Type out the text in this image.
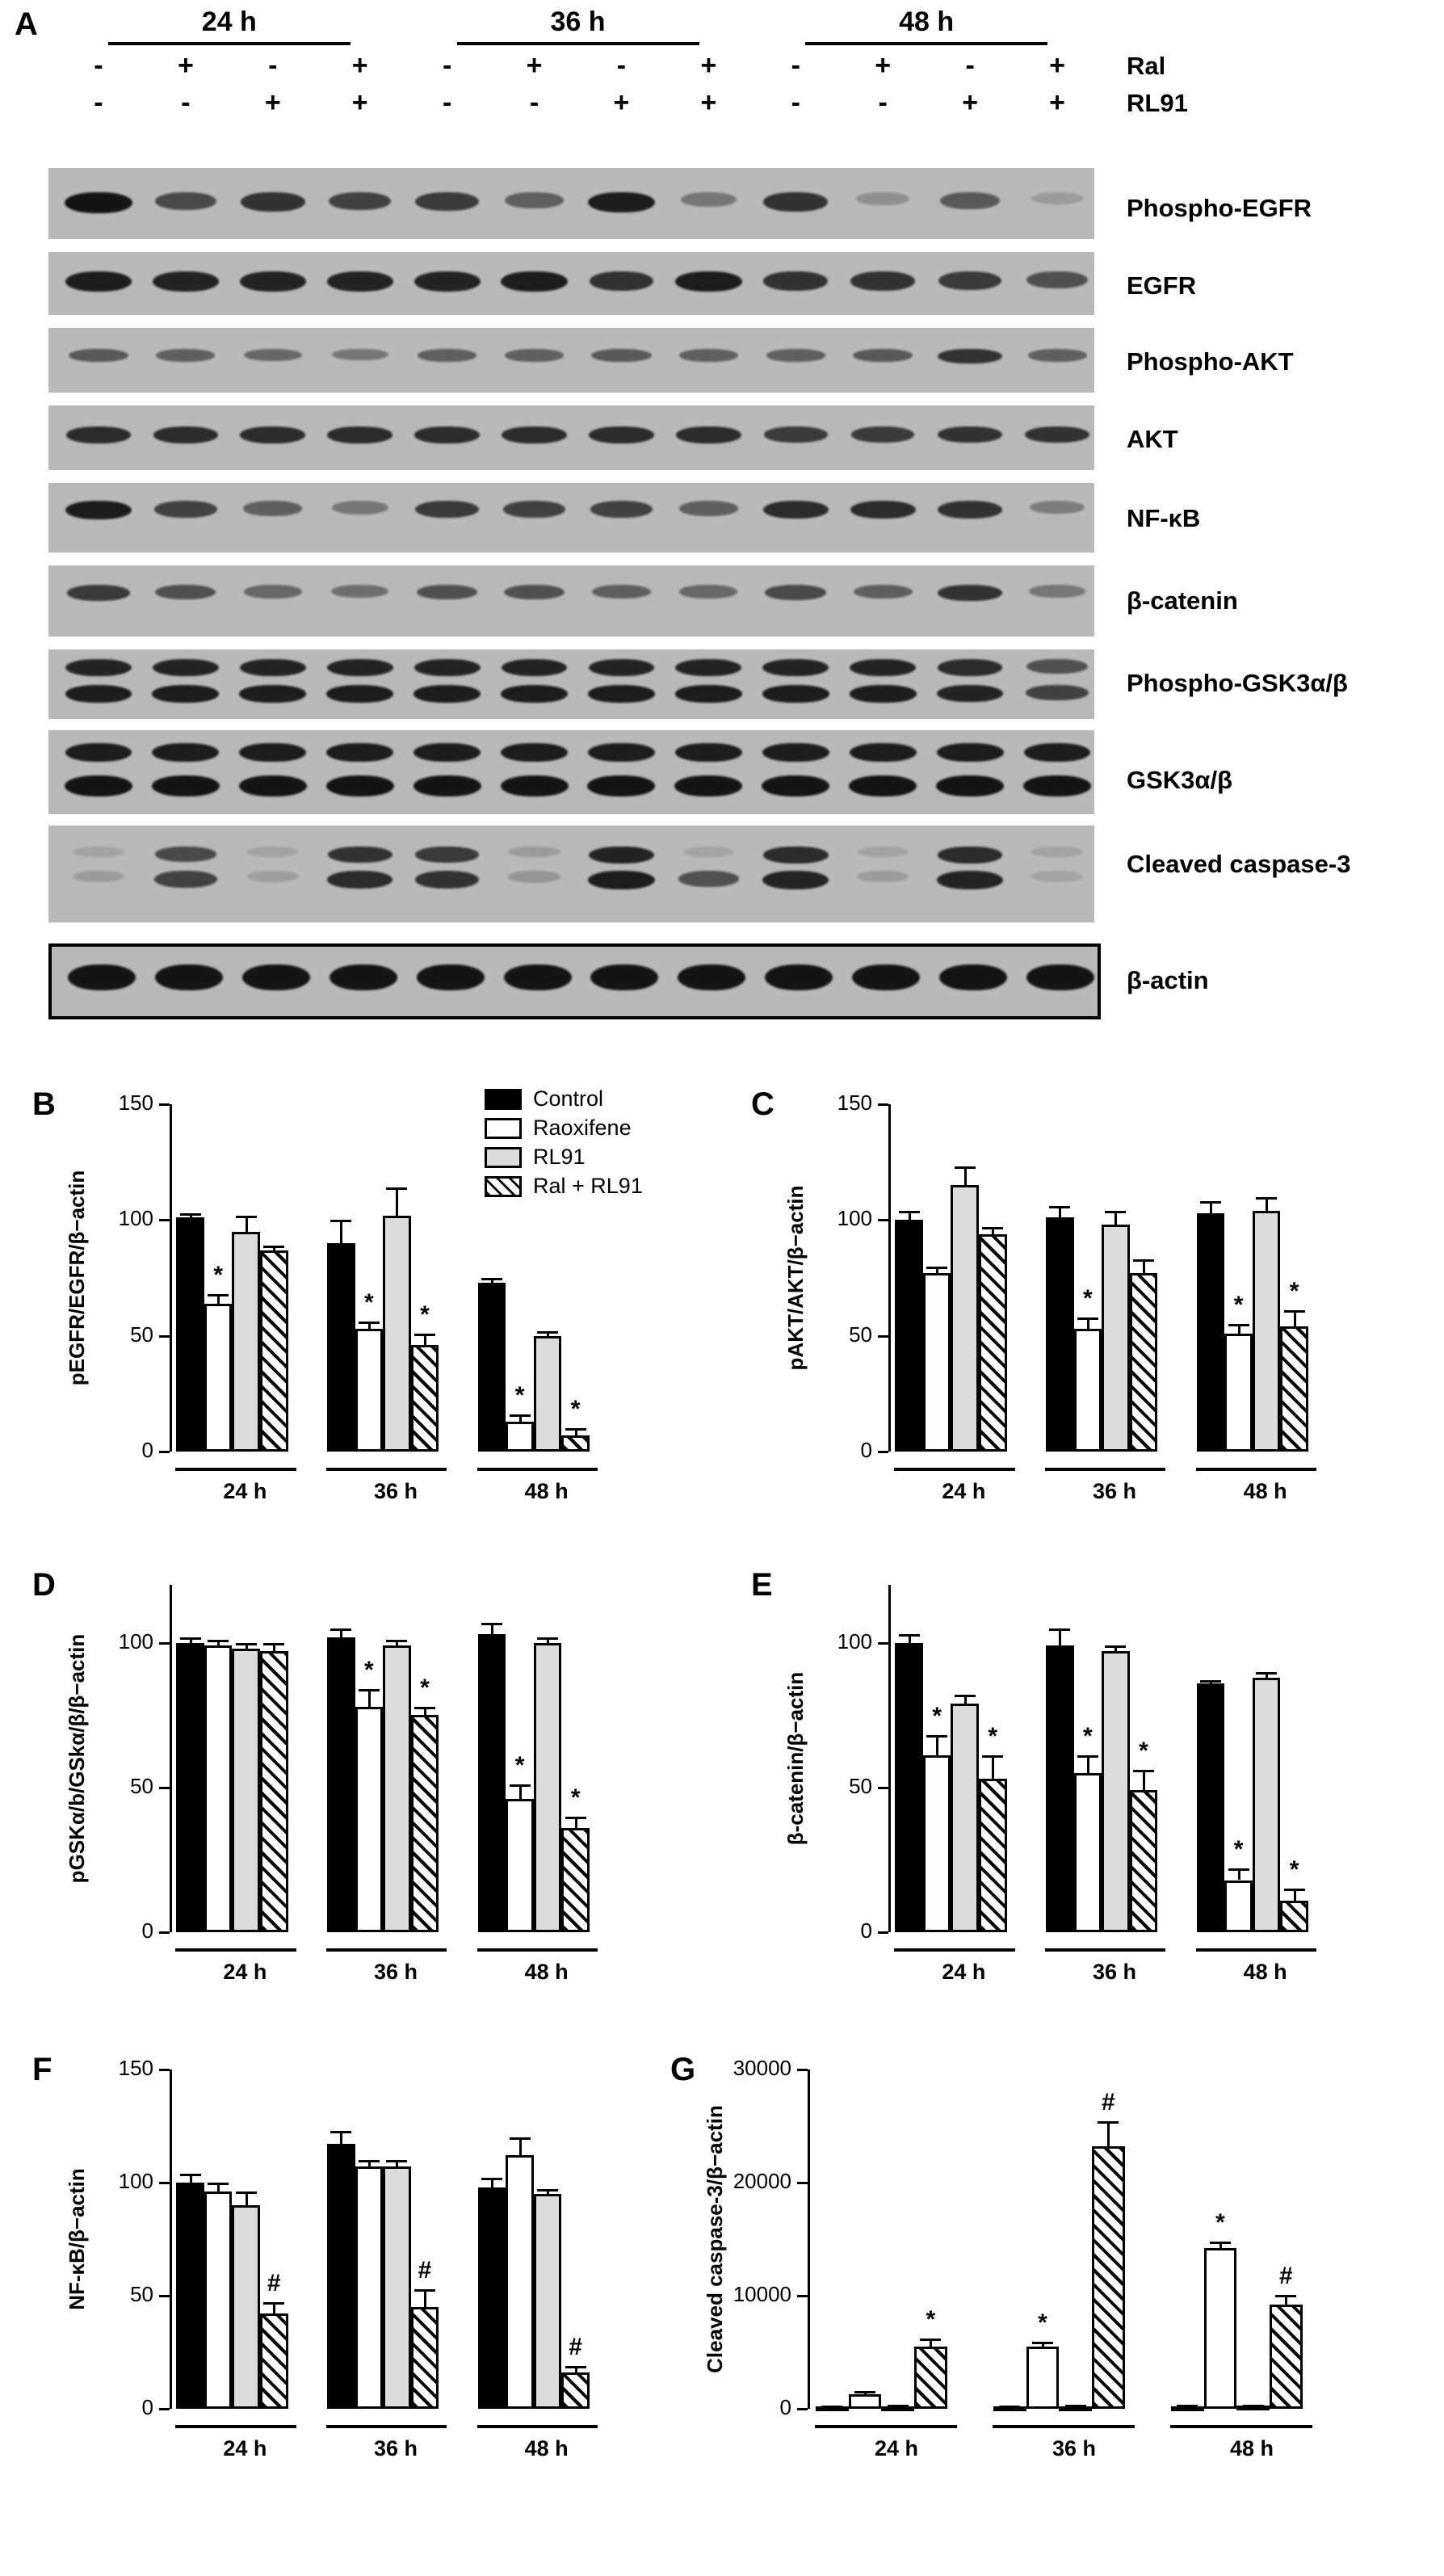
A	24 h	36 h	48 h
-	+	-	+	-	+	-	+	-	+	-	+	Ral
-	-	+	+	-	-	+	+	-	-	+	+	RL91
Phospho-EGFR
EGFR
Phospho-AKT
AKT
NF-κB
β-catenin
Phospho-GSK3α/β
GSK3α/β
Cleaved caspase-3
β-actin
Control
Raoxifene
RL91
Ral + RL91
B
0
50
100
150
pEGFR/EGFR/β−actin	*
24 h
*	*
36 h
*
*
48 h
C
0
50
100
150
pAKT/AKT/β−actin
24 h
*
36 h
*
*
48 h
D
0
50
100
pGSKα/b/GSkα/β/β−actin
24 h
*
*
36 h
*
*
48 h
E
0
50
100
β-catenin/β−actin	*
*
24 h
*
*
36 h
*
*
48 h
F
0
50
100
150
NF-κB/β−actin	#
24 h
#
36 h
#
48 h
G
0
10000
20000
30000
Cleaved caspase-3/β−actin	*
24 h
*
#
36 h
*
#
48 h
